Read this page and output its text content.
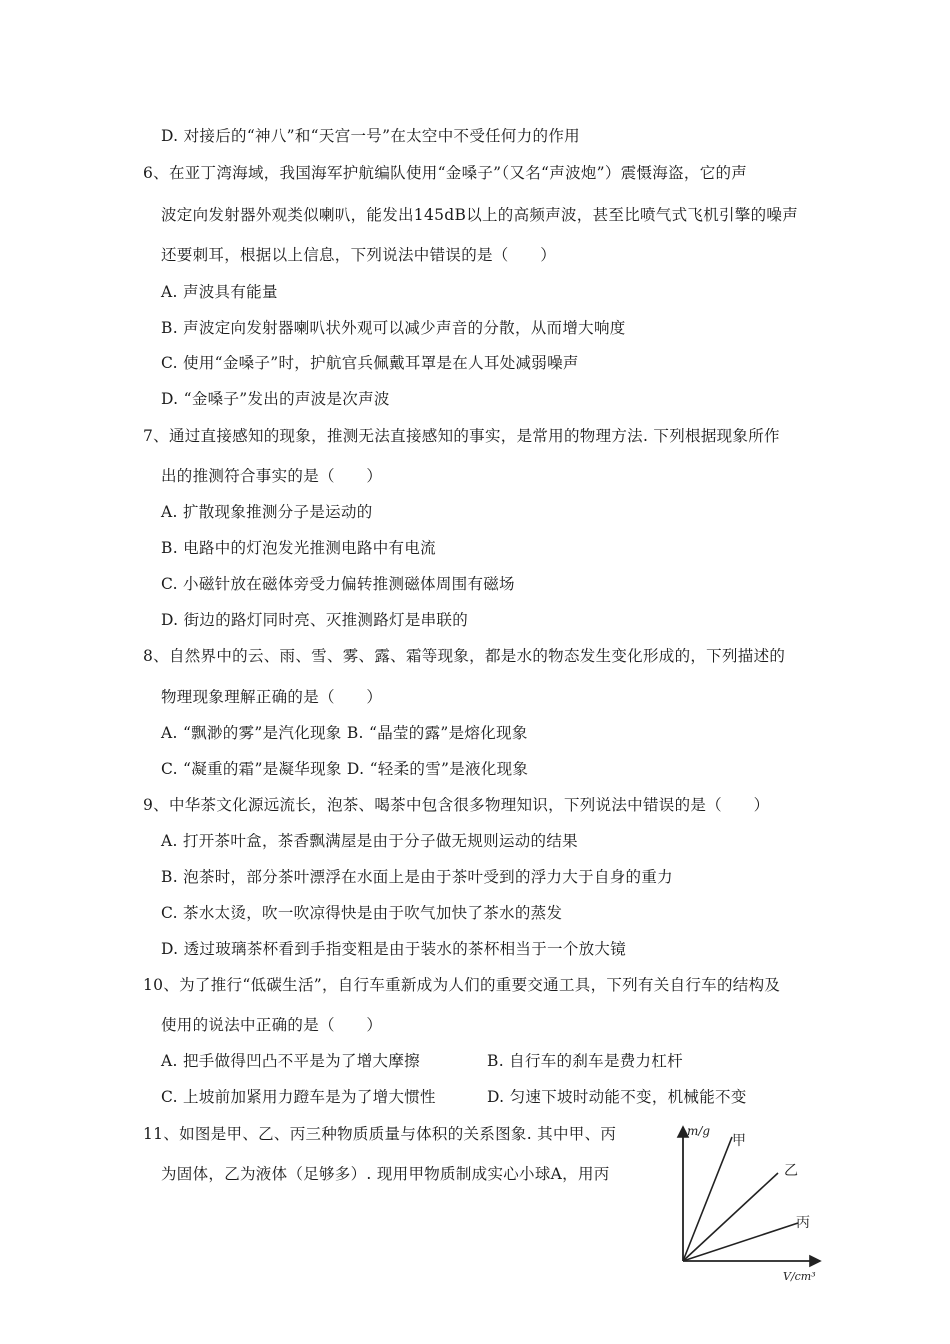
D. 对接后的“神八”和“天宫一号”在太空中不受任何力的作用
6、在亚丁湾海域，我国海军护航编队使用“金嗓子”（又名“声波炮”）震慑海盗，它的声
波定向发射器外观类似喇叭，能发出145dB以上的高频声波，甚至比喷气式飞机引擎的噪声
还要刺耳，根据以上信息，下列说法中错误的是（　　）
A. 声波具有能量
B. 声波定向发射器喇叭状外观可以减少声音的分散，从而增大响度
C. 使用“金嗓子”时，护航官兵佩戴耳罩是在人耳处减弱噪声
D. “金嗓子”发出的声波是次声波
7、通过直接感知的现象，推测无法直接感知的事实，是常用的物理方法. 下列根据现象所作
出的推测符合事实的是（　　）
A. 扩散现象推测分子是运动的
B. 电路中的灯泡发光推测电路中有电流
C. 小磁针放在磁体旁受力偏转推测磁体周围有磁场
D. 街边的路灯同时亮、灭推测路灯是串联的
8、自然界中的云、雨、雪、雾、露、霜等现象，都是水的物态发生变化形成的，下列描述的
物理现象理解正确的是（　　）
A. “飘渺的雾”是汽化现象 B. “晶莹的露”是熔化现象
C. “凝重的霜”是凝华现象 D. “轻柔的雪”是液化现象
9、中华茶文化源远流长，泡茶、喝茶中包含很多物理知识，下列说法中错误的是（　　）
A. 打开茶叶盒，茶香飘满屋是由于分子做无规则运动的结果
B. 泡茶时，部分茶叶漂浮在水面上是由于茶叶受到的浮力大于自身的重力
C. 茶水太烫，吹一吹凉得快是由于吹气加快了茶水的蒸发
D. 透过玻璃茶杯看到手指变粗是由于装水的茶杯相当于一个放大镜
10、为了推行“低碳生活”，自行车重新成为人们的重要交通工具，下列有关自行车的结构及
使用的说法中正确的是（　　）
A. 把手做得凹凸不平是为了增大摩擦	B. 自行车的刹车是费力杠杆
C. 上坡前加紧用力蹬车是为了增大惯性	D. 匀速下坡时动能不变，机械能不变
11、如图是甲、乙、丙三种物质质量与体积的关系图象. 其中甲、丙
为固体，乙为液体（足够多）. 现用甲物质制成实心小球A，用丙
m/g
V/cm³
甲
乙
丙
